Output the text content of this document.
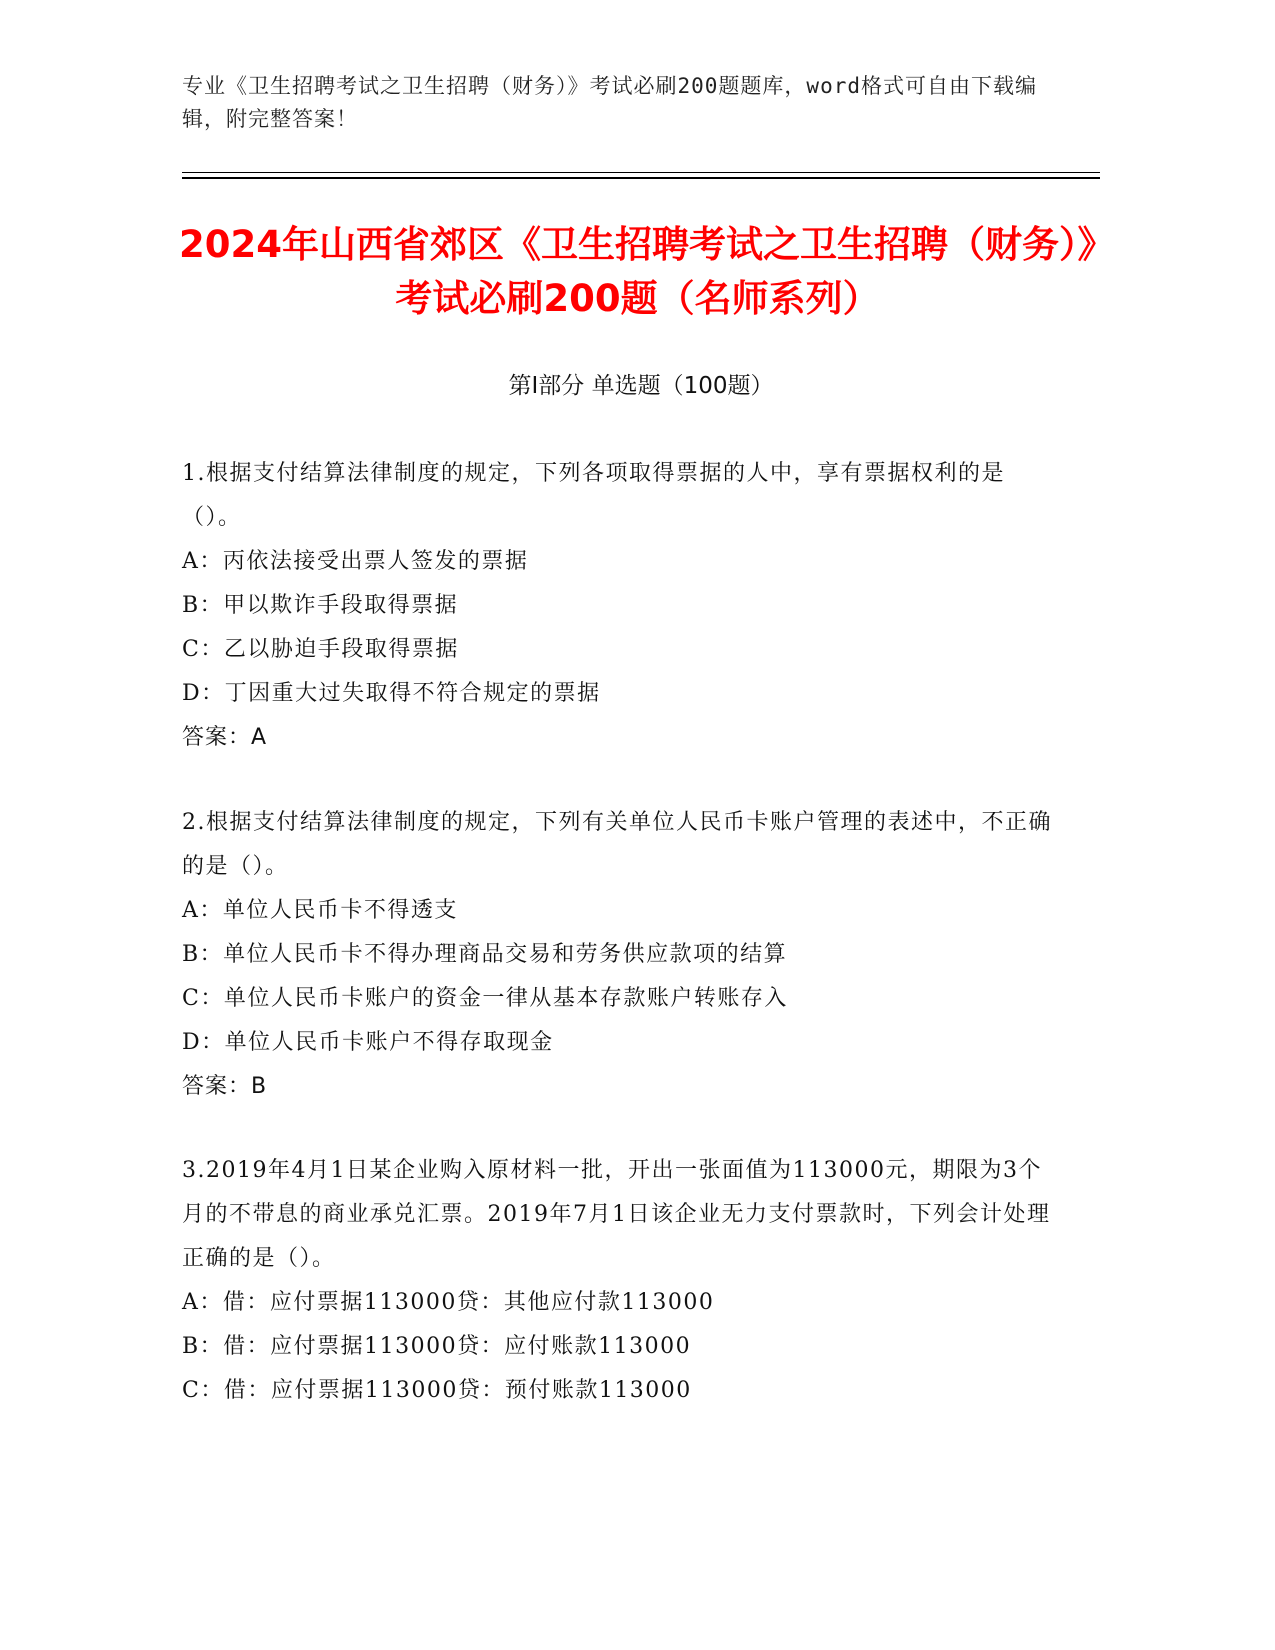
专业《卫生招聘考试之卫生招聘（财务）》考试必刷200题题库，word格式可自由下载编辑，附完整答案！
2024年山西省郊区《卫生招聘考试之卫生招聘（财务）》考试必刷200题（名师系列）
第Ⅰ部分 单选题（100题）
1.根据支付结算法律制度的规定，下列各项取得票据的人中，享有票据权利的是（）。
A：丙依法接受出票人签发的票据
B：甲以欺诈手段取得票据
C：乙以胁迫手段取得票据
D：丁因重大过失取得不符合规定的票据
答案：A
2.根据支付结算法律制度的规定，下列有关单位人民币卡账户管理的表述中，不正确的是（）。
A：单位人民币卡不得透支
B：单位人民币卡不得办理商品交易和劳务供应款项的结算
C：单位人民币卡账户的资金一律从基本存款账户转账存入
D：单位人民币卡账户不得存取现金
答案：B
3.2019年4月1日某企业购入原材料一批，开出一张面值为113000元，期限为3个月的不带息的商业承兑汇票。2019年7月1日该企业无力支付票款时，下列会计处理正确的是（）。
A：借：应付票据113000贷：其他应付款113000
B：借：应付票据113000贷：应付账款113000
C：借：应付票据113000贷：预付账款113000
